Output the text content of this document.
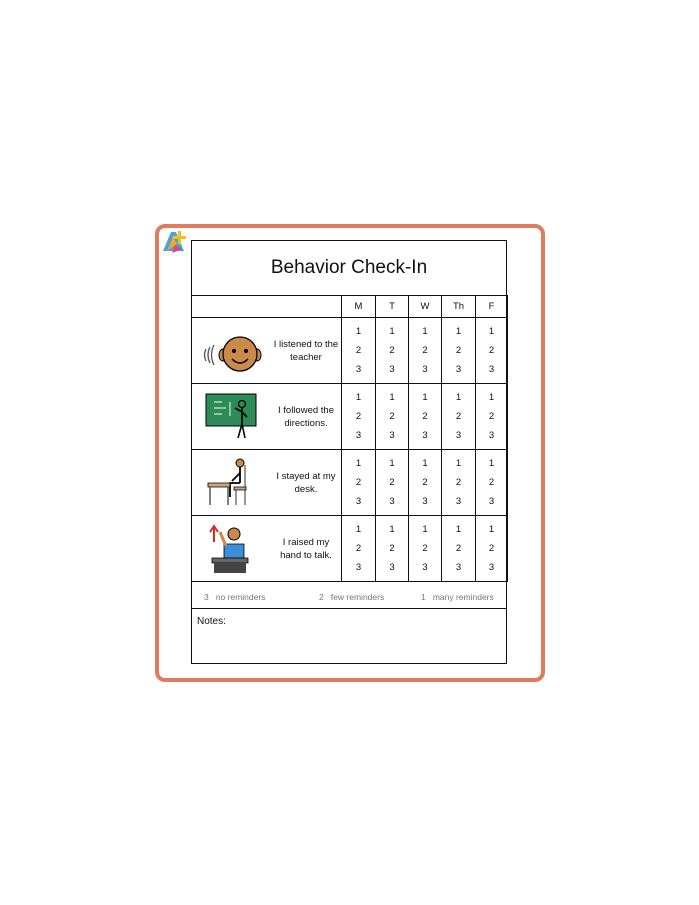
Behavior Check-In
	M	T	W	Th	F

I listened to the teacher	1
2
3	1
2
3	1
2
3	1
2
3	1
2
3

I followed the directions.	1
2
3	1
2
3	1
2
3	1
2
3	1
2
3

I stayed at my desk.	1
2
3	1
2
3	1
2
3	1
2
3	1
2
3

I raised my hand to talk.	1
2
3	1
2
3	1
2
3	1
2
3	1
2
3
3 no reminders	2 few reminders	1 many reminders
Notes:
